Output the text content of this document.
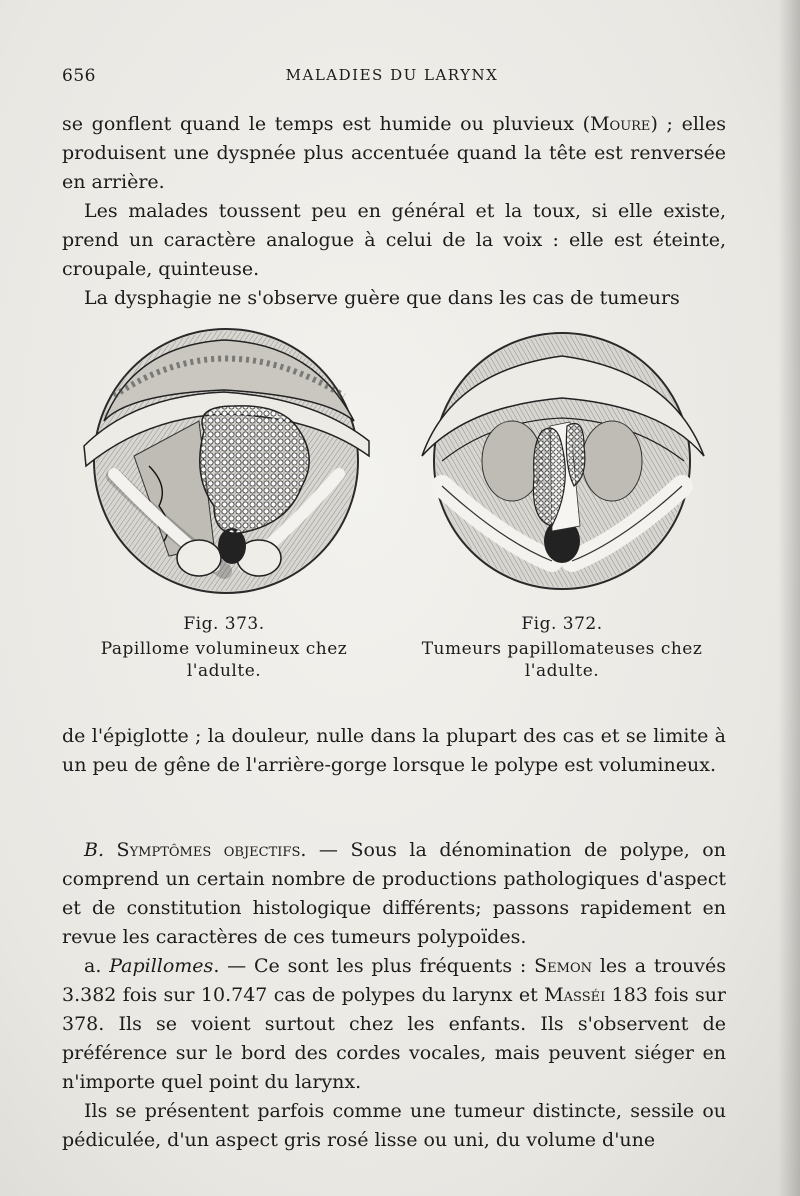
656	MALADIES DU LARYNX

se gonflent quand le temps est humide ou pluvieux (Moure) ; elles produisent une dyspnée plus accentuée quand la tête est renversée en arrière.

Les malades toussent peu en général et la toux, si elle existe, prend un caractère analogue à celui de la voix : elle est éteinte, croupale, quinteuse.

La dysphagie ne s'observe guère que dans les cas de tumeurs

Fig. 373.
Papillome volumineux chez
l'adulte.
Fig. 372.
Tumeurs papillomateuses chez
l'adulte.

de l'épiglotte ; la douleur, nulle dans la plupart des cas et se limite à un peu de gêne de l'arrière-gorge lorsque le polype est volumineux.

B. Symptômes objectifs. — Sous la dénomination de polype, on comprend un certain nombre de productions pathologiques d'aspect et de constitution histologique différents; passons rapidement en revue les caractères de ces tumeurs polypoïdes.

a. Papillomes. — Ce sont les plus fréquents : Semon les a trouvés 3.382 fois sur 10.747 cas de polypes du larynx et Masséi 183 fois sur 378. Ils se voient surtout chez les enfants. Ils s'observent de préférence sur le bord des cordes vocales, mais peuvent siéger en n'importe quel point du larynx.

Ils se présentent parfois comme une tumeur distincte, sessile ou pédiculée, d'un aspect gris rosé lisse ou uni, du volume d'une
